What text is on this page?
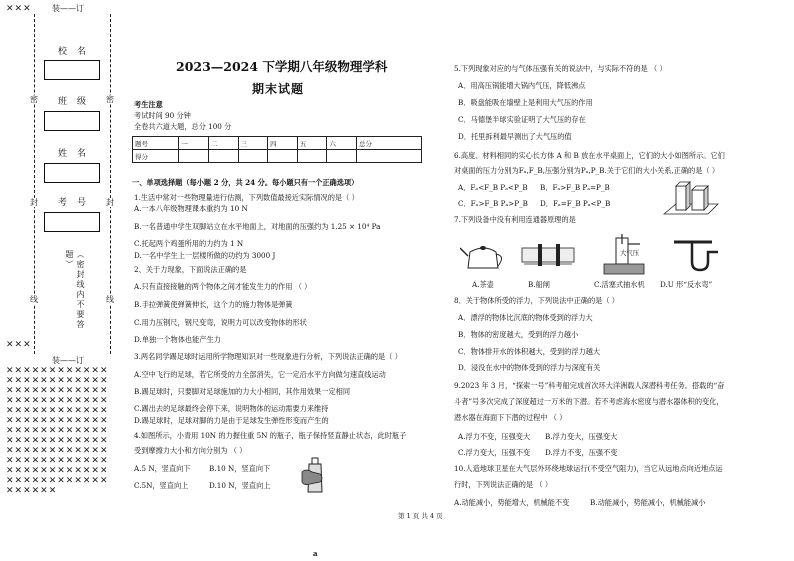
✕✕✕	装——订
校名
密	密
班级
姓名
封	封
考号
（密封线内不要答题）
线	线
✕✕✕
装——订
✕✕✕✕✕✕✕✕✕✕✕✕✕✕✕✕✕✕✕✕✕✕✕✕✕✕✕✕✕✕✕✕✕✕✕✕✕✕✕✕✕✕✕✕✕✕✕✕✕✕✕✕✕✕✕✕✕✕✕✕✕✕✕✕✕✕✕✕✕✕✕✕✕✕✕✕✕✕✕✕✕✕✕✕✕✕✕✕✕✕✕✕✕✕✕✕✕✕✕✕✕✕✕✕✕✕✕✕✕✕✕✕✕✕✕✕✕✕✕✕✕✕✕✕✕✕✕✕✕✕✕✕✕✕✕✕✕✕✕✕✕✕✕✕✕✕✕✕✕✕
2023—2024 下学期八年级物理学科
期末试题
考生注意
考试时间 90 分钟
全卷共六道大题，总分 100 分
题号	一	二	三	四	五	六	总分
得分							
一、单项选择题（每小题 2 分，共 24 分。每小题只有一个正确选项）
1.生活中常对一些物理量进行估测，下列数值最接近实际情况的是（ ）
A.一本八年级物理课本重约为 10 N
B.一名普通中学生双脚站立在水平地面上，对地面的压强约为 1.25 × 10⁴ Pa
C.托起两个鸡蛋所用的力约为 1 N
D.一名中学生上一层楼所做的功约为 3000 J
2、关于力现象，下面说法正确的是
A.只有直接接触的两个物体之间才能发生力的作用 （ ）
B.手拉弹簧使弹簧伸长，这个力的施力物体是弹簧
C.用力压钢尺，钢尺变弯，说明力可以改变物体的形状
D.单独一个物体也能产生力
3.两名同学踢足球时运用所学物理知识对一些现象进行分析，下列说法正确的是（ ）
A.空中飞行的足球，若它所受的力全部消失，它一定沿水平方向做匀速直线运动
B.踢足球时，只要脚对足球施加的力大小相同，其作用效果一定相同
C.踢出去的足球最终会停下来，说明物体的运动需要力来维持
D.踢足球时，足球对脚的力是由于足球发生弹性形变而产生的
4.如图所示，小青用 10N 的力握住重 5N 的瓶子，瓶子保持竖直静止状态，此时瓶子
受到摩擦力大小和方向分别为 （ ）
A.5 N，竖直向下	B.10 N，竖直向下
C.5N，竖直向上	D.10 N，竖直向上
5.下列现象对应的与气体压强有关的说法中，与实际不符的是 （ ）
A．用高压锅能增大锅内气压，降低沸点
B．吸盘能吸在墙壁上是利用大气压的作用
C．马德堡半球实验证明了大气压的存在
D．托里拆利最早测出了大气压的值
6.高度、材料相同的实心长方体 A 和 B 放在水平桌面上，它们的大小如图所示。它们
对桌面的压力分别为Fₐ,F_B,压强分别为Pₐ,P_B.关于它们的大小关系,正确的是（ ）
A．Fₐ<F_B Pₐ<P_B B．Fₐ>F_B Pₐ=P_B
C．Fₐ>F_B Pₐ>P_B D．Fₐ=F_B Pₐ<P_B
7.下列设备中没有利用连通器原理的是
大气压
A.茶壶	B.船闸	C.活塞式抽水机 D.U 形“反水弯”
8．关于物体所受的浮力，下列说法中正确的是（ ）
A．漂浮的物体比沉底的物体受到的浮力大
B．物体的密度越大，受到的浮力越小
C．物体排开水的体积越大，受到的浮力越大
D．浸没在水中的物体受到的浮力与深度有关
9.2023 年 3 月，“探索一号”科考船完成首次环大洋洲载人深潜科考任务。搭载的“奋
斗者”号多次完成了深度超过一万米的下潜。若不考虑海水密度与潜水器体积的变化，
潜水器在海面下下潜的过程中 （ ）
A.浮力不变，压强变大 B.浮力变大，压强变大
C.浮力变大，压强不变 D.浮力不变，压强不变
10.人造地球卫星在大气层外环绕地球运行(不受空气阻力)，当它从远地点向近地点运
行时，下列说法正确的是 （ ）
A.动能减小，势能增大，机械能不变	B.动能减小，势能减小，机械能减小
第 1 页 共 4 页
a
